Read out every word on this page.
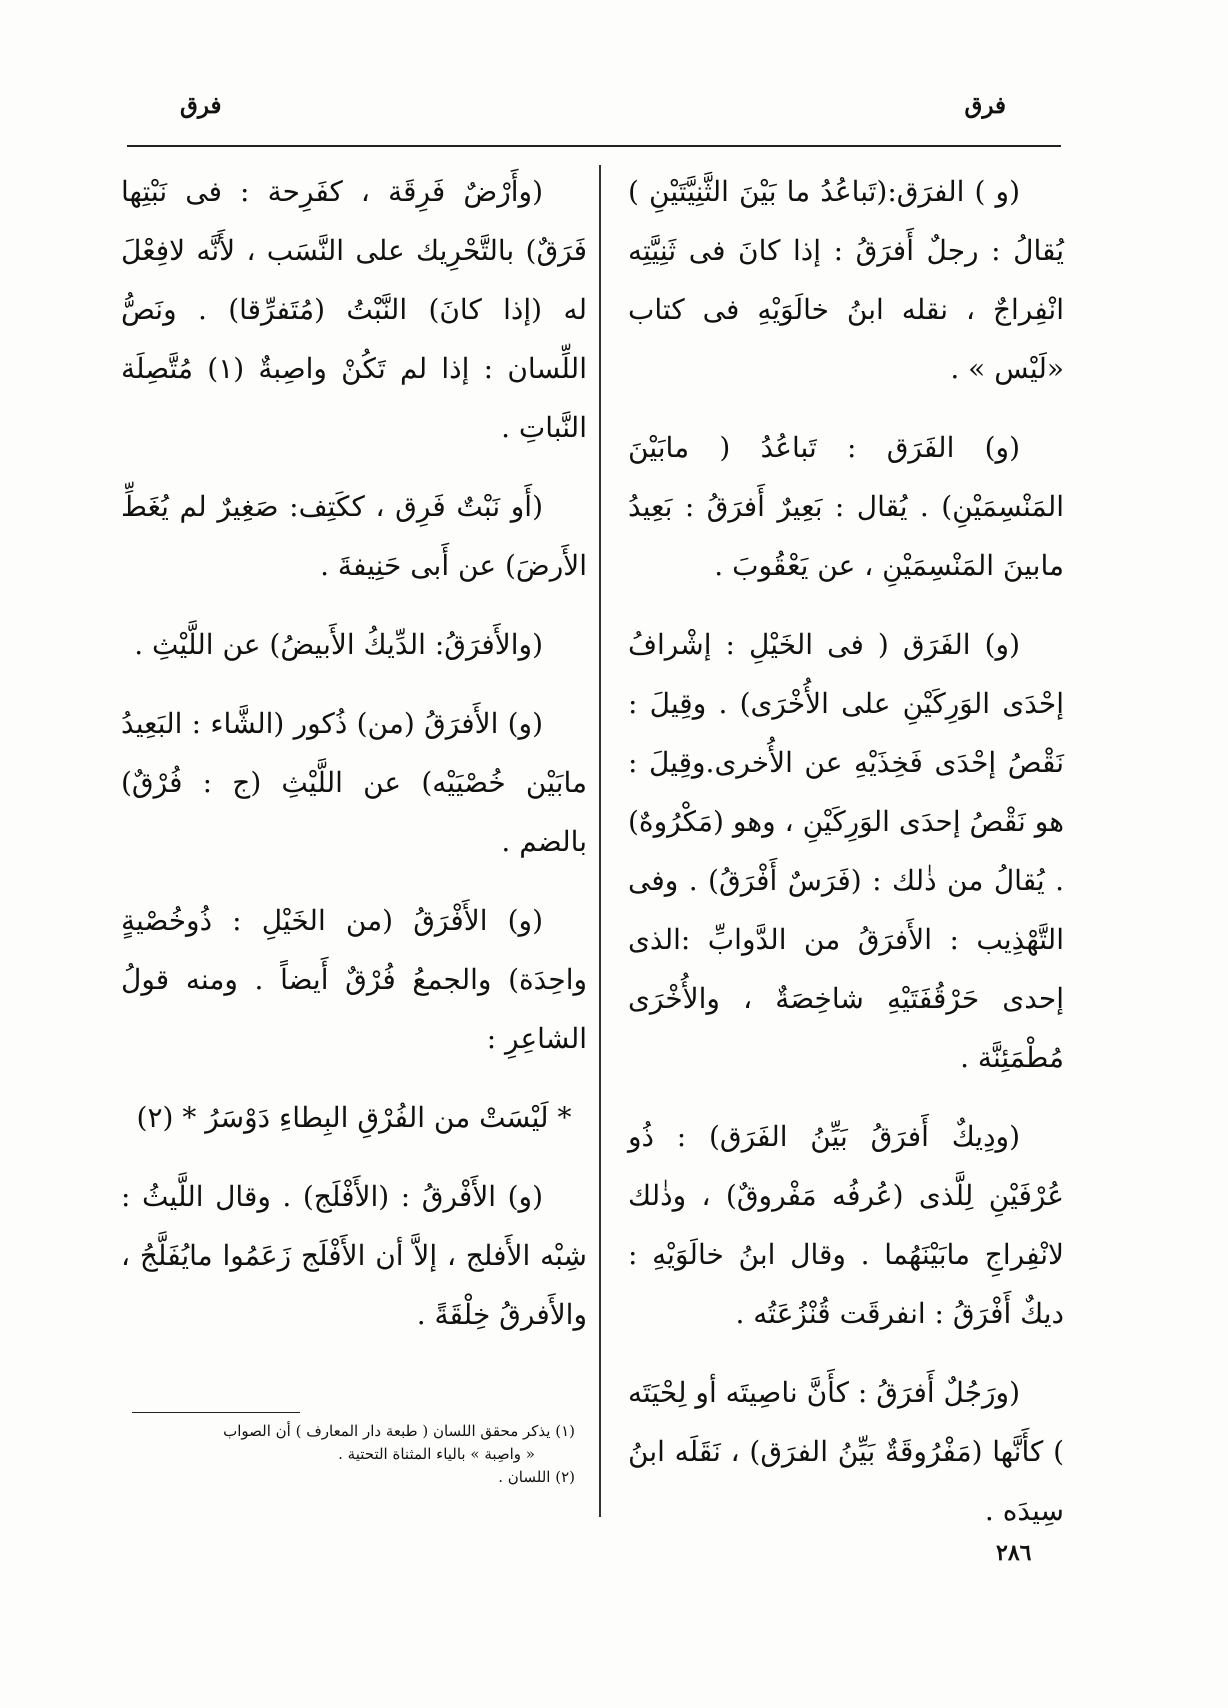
فرق
فرق

(و ) الفرَق:(تَباعُدُ ما بَيْنَ الثَّنِيَّتَيْنِ ) يُقالُ : رجلٌ أَفرَقُ : إذا كانَ فى ثَنِيَّتِه انْفِراجٌ ، نقله ابنُ خالَوَيْهِ فى كتاب «لَيْس » .

(و) الفَرَق : تَباعُدُ ( مابَيْنَ المَنْسِمَيْنِ) . يُقال : بَعِيرٌ أَفرَقُ : بَعِيدُ مابينَ المَنْسِمَيْنِ ، عن يَعْقُوبَ .

(و) الفَرَق ( فى الخَيْلِ : إشْرافُ إحْدَى الوَرِكَيْنِ على الأُخْرَى) . وقِيلَ : نَقْصُ إحْدَى فَخِذَيْهِ عن الأُخرى.وقِيلَ : هو نَقْصُ إحدَى الوَرِكَيْنِ ، وهو (مَكْرُوهٌ) . يُقالُ من ذٰلك : (فَرَسٌ أَفْرَقُ) . وفى التَّهْذِيب : الأَفرَقُ من الدَّوابِّ :الذى إحدى حَرْقُفَتَيْهِ شاخِصَةٌ ، والأُخْرَى مُطْمَئِنَّة .

(ودِيكٌ أَفرَقُ بَيِّنُ الفَرَق) : ذُو عُرْفَيْنِ لِلَّذى (عُرفُه مَفْروقٌ) ، وذٰلك لانْفِراجِ مابَيْنَهُما . وقال ابنُ خالَوَيْهِ : ديكٌ أَفْرَقُ : انفرقَت قُنْزُعَتُه .

(ورَجُلٌ أَفرَقُ : كأَنَّ ناصِيتَه أو لِحْيَتَه ) كأَنَّها (مَفْرُوقَةٌ بَيِّنُ الفرَق) ، نَقَلَه ابنُ سِيدَه .

(وأَرْضٌ فَرِقَة ، كفَرِحة : فى نَبْتِها فَرَقٌ) بالتَّحْرِيك على النَّسَب ، لأَنَّه لافِعْلَ له (إذا كانَ) النَّبْتُ (مُتَفرِّقا) . ونَصُّ اللِّسان : إذا لم تَكُنْ واصِبةٌ (١) مُتَّصِلَة النَّباتِ .

(أَو نَبْتٌ فَرِق ، ككَتِف: صَغِيرٌ لم يُغَطِّ الأَرضَ) عن أَبى حَنِيفةَ .

(والأَفرَقُ: الدِّيكُ الأَبيضُ) عن اللَّيْثِ .

(و) الأَفرَقُ (من) ذُكور (الشَّاء : البَعِيدُ مابَيْن خُصْيَيْه) عن اللَّيْثِ (ج : فُرْقٌ) بالضم .

(و) الأَفْرَقُ (من الخَيْلِ : ذُوخُصْيةٍ واحِدَة) والجمعُ فُرْقٌ أَيضاً . ومنه قولُ الشاعِرِ :

* لَيْسَتْ من الفُرْقِ البِطاءِ دَوْسَرُ * (٢)

(و) الأَفْرقُ : (الأَفْلَج) . وقال اللَّيثُ : شِبْه الأَفلج ، إلاَّ أن الأَفْلَج زَعَمُوا مايُفَلَّجُ ، والأَفرقُ خِلْقَةً .

(١) يذكر محقق اللسان ( طبعة دار المعارف ) أن الصواب

« واصِبة » بالياء المثناة التحتية .

(٢) اللسان .

٢٨٦
